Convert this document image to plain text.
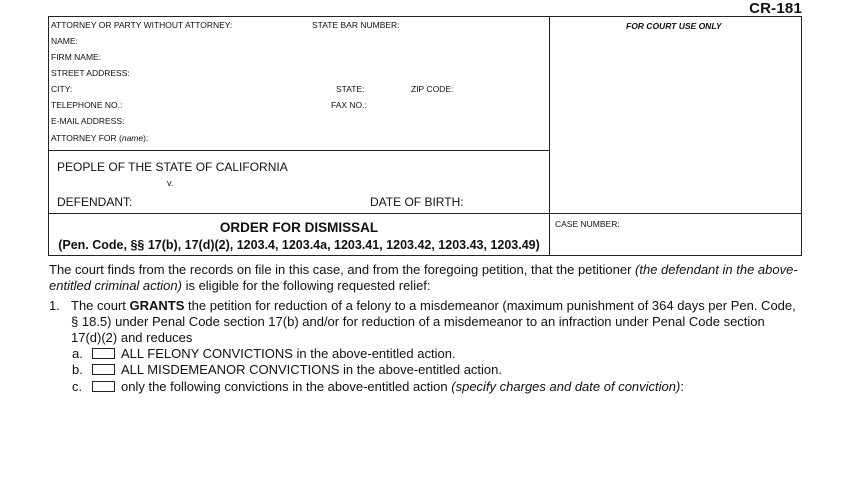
CR-181
ATTORNEY OR PARTY WITHOUT ATTORNEY:	STATE BAR NUMBER:
NAME:
FIRM NAME:
STREET ADDRESS:
CITY:	STATE:	ZIP CODE:
TELEPHONE NO.:	FAX NO.:
E-MAIL ADDRESS:
ATTORNEY FOR (name):
FOR COURT USE ONLY
PEOPLE OF THE STATE OF CALIFORNIA
v.
DEFENDANT:	DATE OF BIRTH:
ORDER FOR DISMISSAL
(Pen. Code, §§ 17(b), 17(d)(2), 1203.4, 1203.4a, 1203.41, 1203.42, 1203.43, 1203.49)
CASE NUMBER:
The court finds from the records on file in this case, and from the foregoing petition, that the petitioner (the defendant in the above-entitled criminal action) is eligible for the following requested relief:
1. The court GRANTS the petition for reduction of a felony to a misdemeanor (maximum punishment of 364 days per Pen. Code,
§ 18.5) under Penal Code section 17(b) and/or for reduction of a misdemeanor to an infraction under Penal Code section
17(d)(2) and reduces
a.	ALL FELONY CONVICTIONS in the above-entitled action.
b.	ALL MISDEMEANOR CONVICTIONS in the above-entitled action.
c.	only the following convictions in the above-entitled action (specify charges and date of conviction):
